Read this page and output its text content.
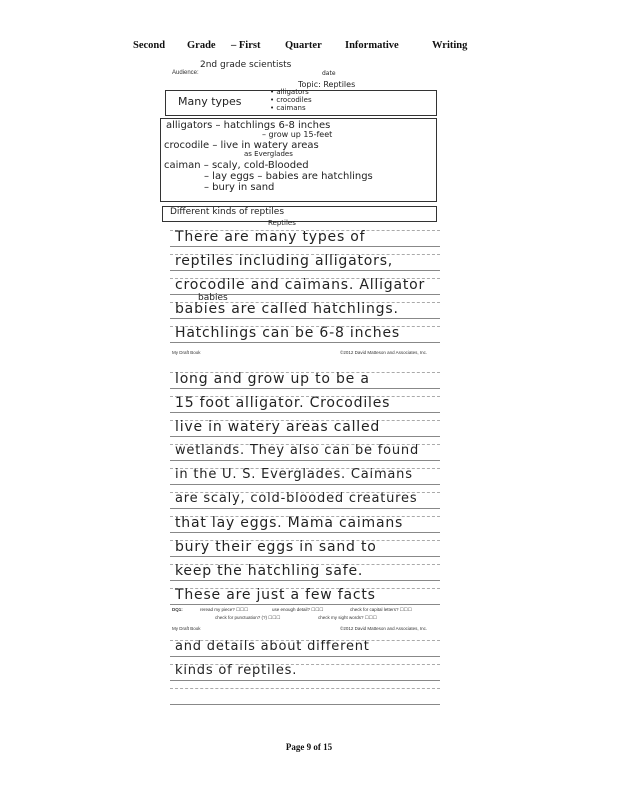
Second Grade – First Quarter Informative	Writing
Audience:
2nd grade scientists
date
Topic: Reptiles
Many types
• alligators
• crocodiles
• caimans
alligators – hatchlings 6-8 inches
– grow up 15-feet
crocodile – live in watery areas
as Everglades
caiman – scaly, cold-Blooded
– lay eggs – babies are hatchlings
– bury in sand
Different kinds of reptiles
Reptiles
There are many types of
reptiles including alligators,
crocodile and caimans. Alligator
babies
babies are called hatchlings.
Hatchlings can be 6-8 inches
My Draft Book	©2012 David Matteson and Associates, Inc.
long and grow up to be a
15 foot alligator. Crocodiles
live in watery areas called
wetlands. They also can be found
in the U. S. Everglades. Caimans
are scaly, cold-blooded creatures
that lay eggs. Mama caimans
bury their eggs in sand to
keep the hatchling safe.
These are just a few facts
DQ1:	reread my piece? ☐☐☐	use enough detail? ☐☐☐	check for capital letters? ☐☐☐
check for punctuation? (?) ☐☐☐	check my sight words? ☐☐☐
My Draft Book	©2012 David Matteson and Associates, Inc.
and details about different
kinds of reptiles.
Page 9 of 15
